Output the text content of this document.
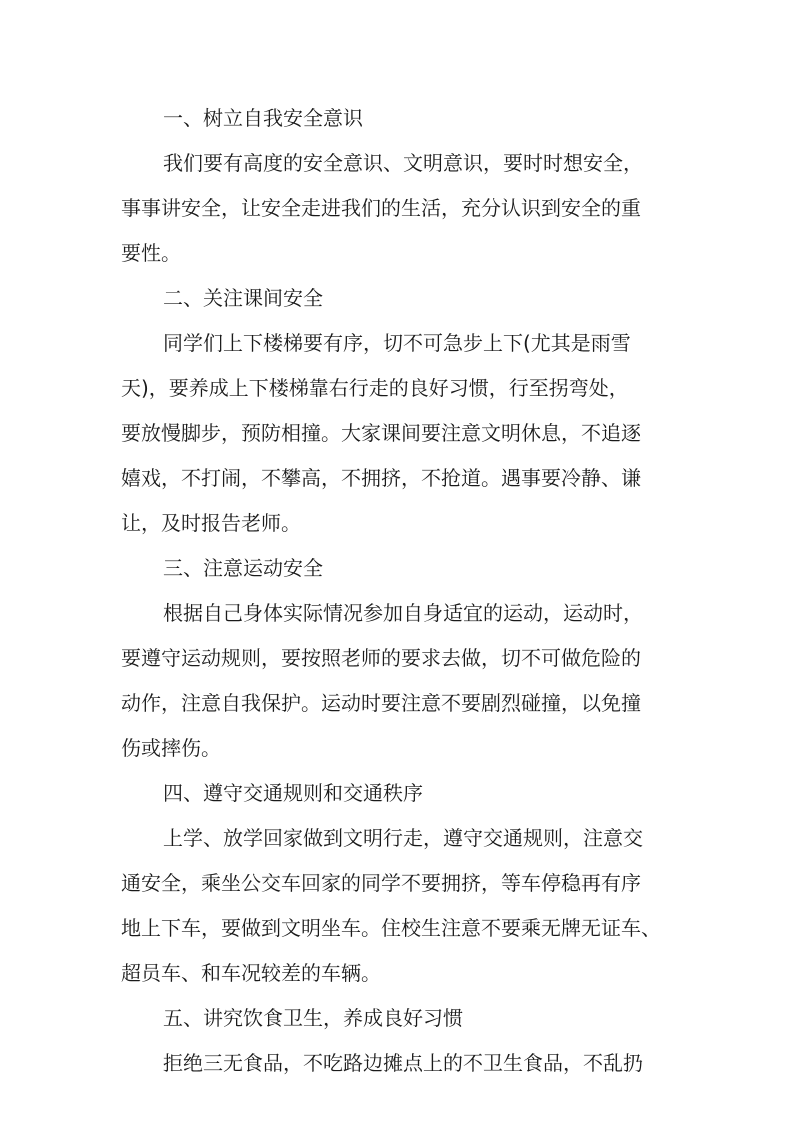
一、树立自我安全意识
我们要有高度的安全意识、文明意识，要时时想安全，
事事讲安全，让安全走进我们的生活，充分认识到安全的重
要性。
二、关注课间安全
同学们上下楼梯要有序，切不可急步上下(尤其是雨雪
天)，要养成上下楼梯靠右行走的良好习惯，行至拐弯处，
要放慢脚步，预防相撞。大家课间要注意文明休息，不追逐
嬉戏，不打闹，不攀高，不拥挤，不抢道。遇事要冷静、谦
让，及时报告老师。
三、注意运动安全
根据自己身体实际情况参加自身适宜的运动，运动时，
要遵守运动规则，要按照老师的要求去做，切不可做危险的
动作，注意自我保护。运动时要注意不要剧烈碰撞，以免撞
伤或摔伤。
四、遵守交通规则和交通秩序
上学、放学回家做到文明行走，遵守交通规则，注意交
通安全，乘坐公交车回家的同学不要拥挤，等车停稳再有序
地上下车，要做到文明坐车。住校生注意不要乘无牌无证车、
超员车、和车况较差的车辆。
五、讲究饮食卫生，养成良好习惯
拒绝三无食品，不吃路边摊点上的不卫生食品，不乱扔
